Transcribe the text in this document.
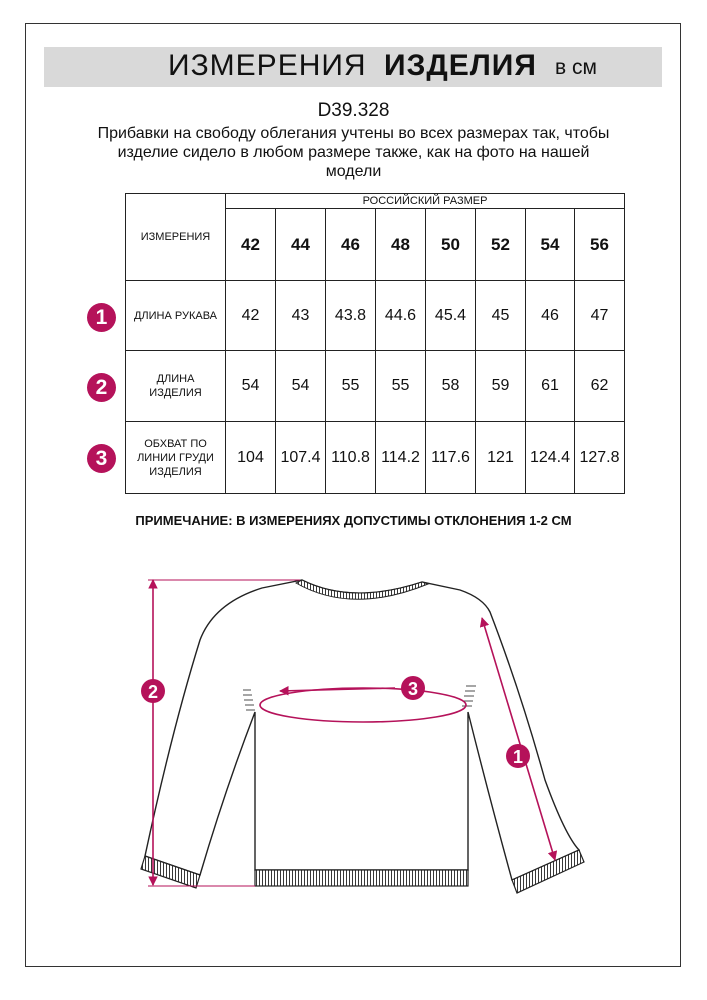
ИЗМЕРЕНИЯ ИЗДЕЛИЯ в см
D39.328
Прибавки на свободу облегания учтены во всех размерах так, чтобы
изделие сидело в любом размере также, как на фото на нашей
модели
ИЗМЕРЕНИЯ	РОССИЙСКИЙ РАЗМЕР							
	42	44	46	48	50	52	54	56

ДЛИНА РУКАВА	42	43	43.8	44.6	45.4	45	46	47

ДЛИНА
ИЗДЕЛИЯ	54	54	55	55	58	59	61	62

ОБХВАТ ПО
ЛИНИИ ГРУДИ
ИЗДЕЛИЯ	104	107.4	110.8	114.2	117.6	121	124.4	127.8
1
2
3
ПРИМЕЧАНИЕ: В ИЗМЕРЕНИЯХ ДОПУСТИМЫ ОТКЛОНЕНИЯ 1-2 СМ
2	3
1
